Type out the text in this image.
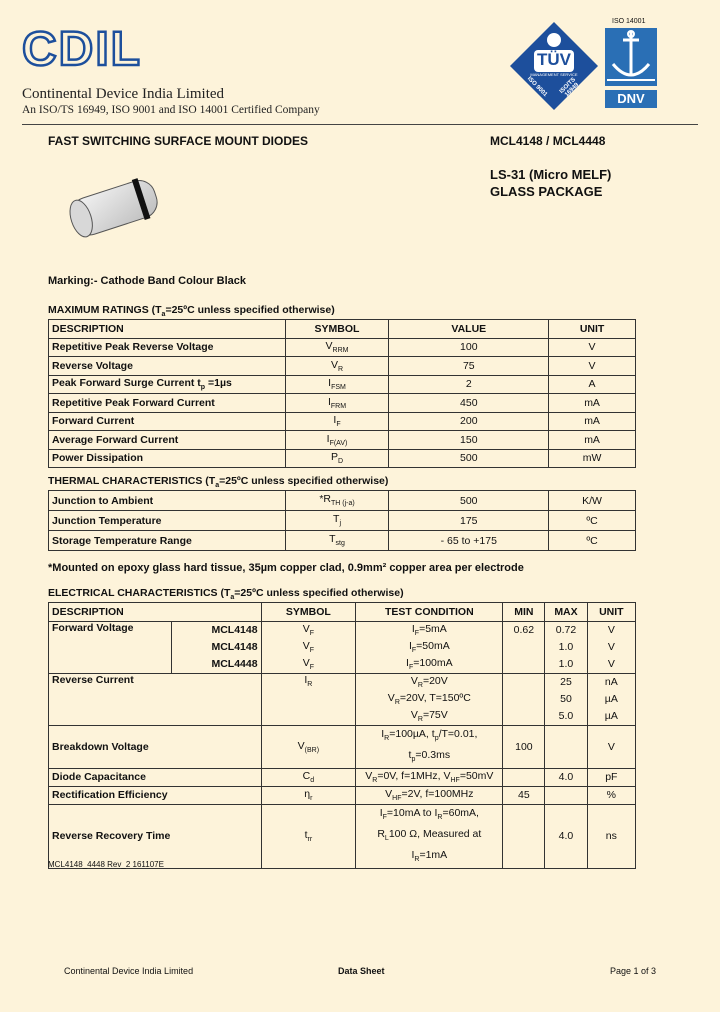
CDIL
Continental Device India Limited
An ISO/TS 16949, ISO 9001 and ISO 14001 Certified Company
TÜV
MANAGEMENT SERVICE
ISO 9001	ISO/TS 16949
ISO 14001
DNV
FAST SWITCHING SURFACE MOUNT DIODES	MCL4148 / MCL4448
LS-31 (Micro MELF)
GLASS PACKAGE
Marking:- Cathode Band Colour Black
MAXIMUM RATINGS ($T_a=25ºC$ unless specified otherwise)
DESCRIPTION	SYMBOL	VALUE	UNIT
Repetitive Peak Reverse Voltage	$V_{RRM}$	100	V
Reverse Voltage	$V_R$	75	V
Peak Forward Surge Current $t_p =1\mu s$	$I_{FSM}$	2	A
Repetitive Peak Forward Current	$I_{FRM}$	450	mA
Forward Current	$I_F$	200	mA
Average Forward Current	$I_{F(AV)}$	150	mA
Power Dissipation	$P_D$	500	mW
THERMAL CHARACTERISTICS ($T_a=25ºC$ unless specified otherwise)
Junction to Ambient	$*R_{TH (j-a)}$	500	K/W
Junction Temperature	$T_j$	175	ºC
Storage Temperature Range	$T_{stg}$	- 65 to +175	ºC
*Mounted on epoxy glass hard tissue, 35µm copper clad, 0.9mm² copper area per electrode
ELECTRICAL CHARACTERISTICS ($T_a=25ºC$ unless specified otherwise)
DESCRIPTION		SYMBOL	TEST CONDITION	MIN	MAX	UNIT
Forward Voltage	MCL4148	$V_F$	$I_F=5mA$	0.62	0.72	V
	MCL4148	$V_F$	$I_F=50mA$		1.0	V
	MCL4448	$V_F$	$I_F=100mA$		1.0	V
Reverse Current		$I_R$	$V_R=20V$		25	nA
			$V_R=20V$, T=150ºC		50	µA
			$V_R=75V$		5.0	µA
Breakdown Voltage		$V_{(BR)}$	$I_R=100\mu A$, $t_p/T=0.01$,
$t_p=0.3ms$	100		V
Diode Capacitance		$C_d$	$V_R=0V$, f=1MHz, $V_{HF}=50mV$		4.0	pF
Rectification Efficiency		$\eta_r$	$V_{HF}=2V$, f=100MHz	45		%
Reverse Recovery Time		$t_{rr}$	$I_F=10mA$ to $I_R=60mA$,
$R_L100$ Ω, Measured at
$I_R=1mA$		4.0	ns
MCL4148_4448 Rev_2 161107E
Continental Device India Limited	Data Sheet	Page 1 of 3
